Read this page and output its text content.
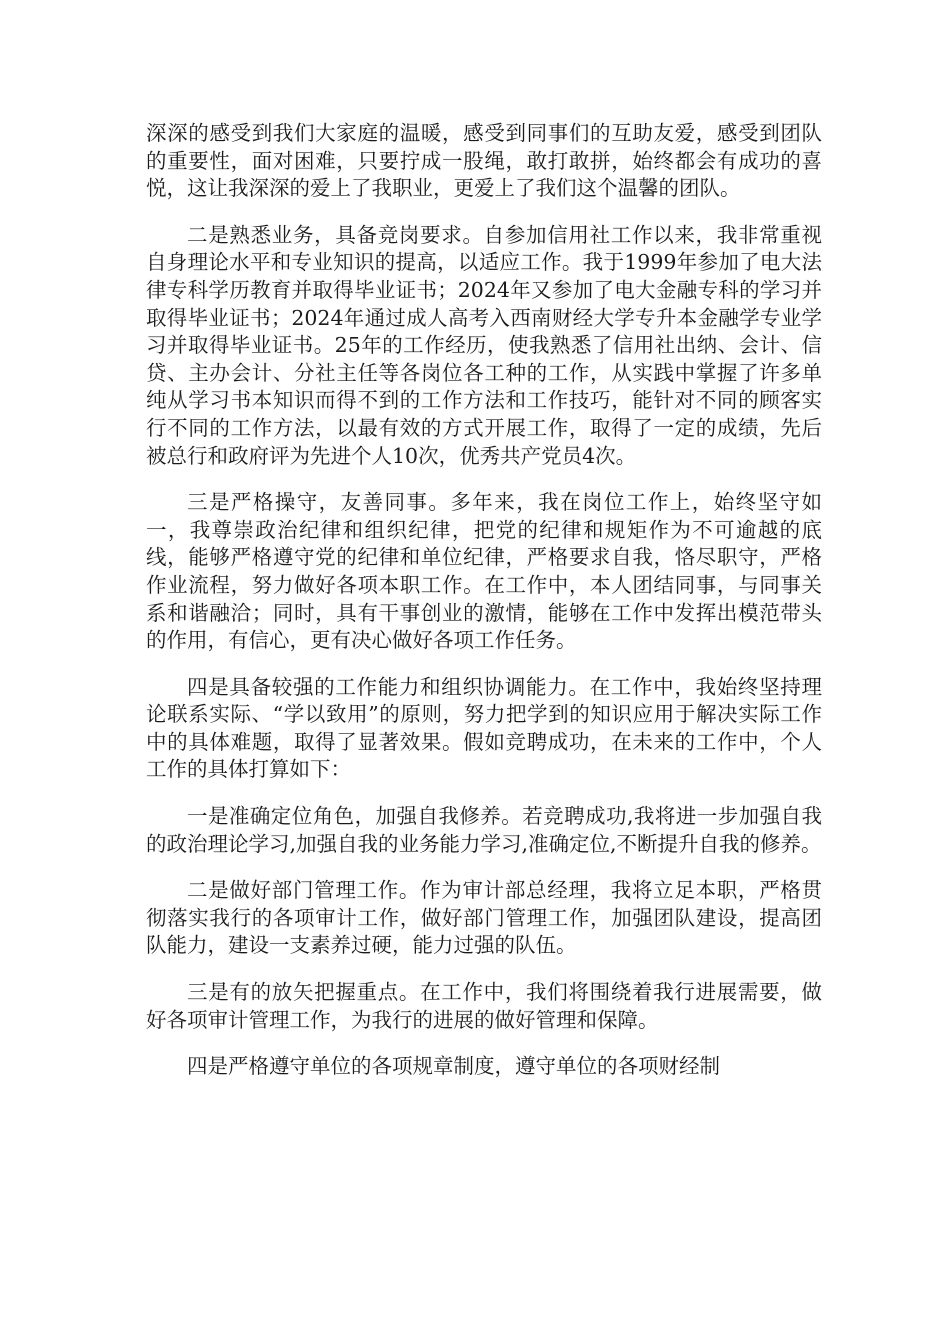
深深的感受到我们大家庭的温暖，感受到同事们的互助友爱，感受到团队的重要性，面对困难，只要拧成一股绳，敢打敢拼，始终都会有成功的喜悦，这让我深深的爱上了我职业，更爱上了我们这个温馨的团队。

二是熟悉业务，具备竞岗要求。自参加信用社工作以来，我非常重视自身理论水平和专业知识的提高，以适应工作。我于1999年参加了电大法律专科学历教育并取得毕业证书；2024年又参加了电大金融专科的学习并取得毕业证书；2024年通过成人高考入西南财经大学专升本金融学专业学习并取得毕业证书。25年的工作经历，使我熟悉了信用社出纳、会计、信贷、主办会计、分社主任等各岗位各工种的工作，从实践中掌握了许多单纯从学习书本知识而得不到的工作方法和工作技巧，能针对不同的顾客实行不同的工作方法，以最有效的方式开展工作，取得了一定的成绩，先后被总行和政府评为先进个人10次，优秀共产党员4次。

三是严格操守，友善同事。多年来，我在岗位工作上，始终坚守如一，我尊崇政治纪律和组织纪律，把党的纪律和规矩作为不可逾越的底线，能够严格遵守党的纪律和单位纪律，严格要求自我，恪尽职守，严格作业流程，努力做好各项本职工作。在工作中，本人团结同事，与同事关系和谐融洽；同时，具有干事创业的激情，能够在工作中发挥出模范带头的作用，有信心，更有决心做好各项工作任务。

四是具备较强的工作能力和组织协调能力。在工作中，我始终坚持理论联系实际、“学以致用”的原则，努力把学到的知识应用于解决实际工作中的具体难题，取得了显著效果。假如竞聘成功，在未来的工作中，个人工作的具体打算如下：

一是准确定位角色，加强自我修养。若竞聘成功,我将进一步加强自我的政治理论学习,加强自我的业务能力学习,准确定位,不断提升自我的修养。

二是做好部门管理工作。作为审计部总经理，我将立足本职，严格贯彻落实我行的各项审计工作，做好部门管理工作，加强团队建设，提高团队能力，建设一支素养过硬，能力过强的队伍。

三是有的放矢把握重点。在工作中，我们将围绕着我行进展需要，做好各项审计管理工作，为我行的进展的做好管理和保障。

四是严格遵守单位的各项规章制度，遵守单位的各项财经制
